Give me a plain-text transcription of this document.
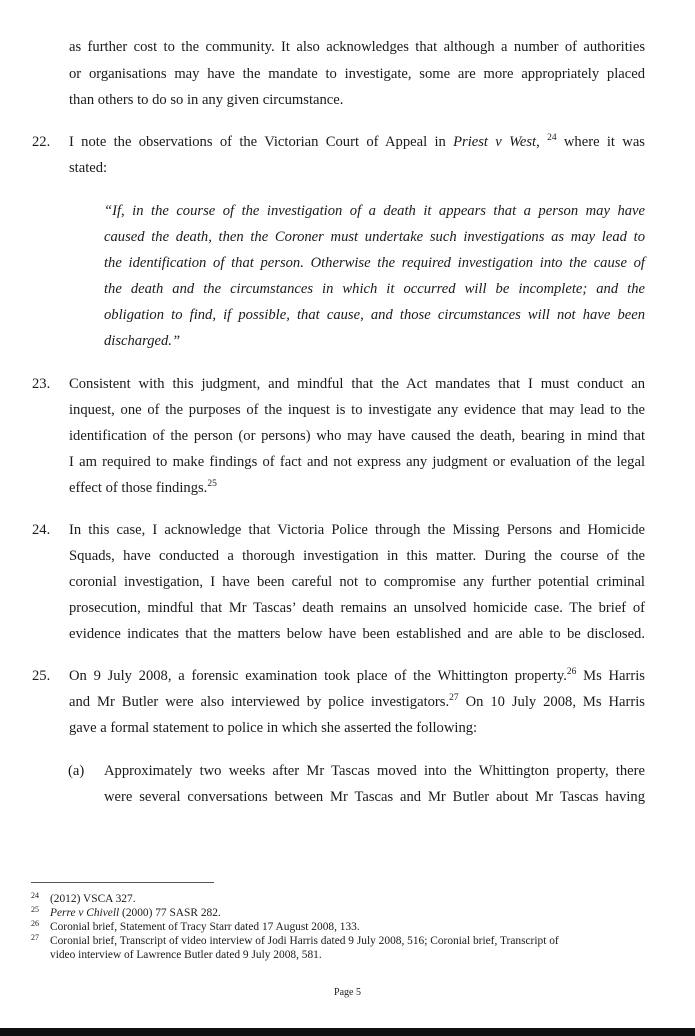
as further cost to the community. It also acknowledges that although a number of authorities
or organisations may have the mandate to investigate, some are more appropriately placed
than others to do so in any given circumstance.
22. I note the observations of the Victorian Court of Appeal in Priest v West, $^{24}$ where it was
stated:
“If, in the course of the investigation of a death it appears that a person may have
caused the death, then the Coroner must undertake such investigations as may lead to
the identification of that person. Otherwise the required investigation into the cause of
the death and the circumstances in which it occurred will be incomplete; and the
obligation to find, if possible, that cause, and those circumstances will not have been
discharged.”
23. Consistent with this judgment, and mindful that the Act mandates that I must conduct an
inquest, one of the purposes of the inquest is to investigate any evidence that may lead to the
identification of the person (or persons) who may have caused the death, bearing in mind that
I am required to make findings of fact and not express any judgment or evaluation of the legal
effect of those findings.$^{25}$
24. In this case, I acknowledge that Victoria Police through the Missing Persons and Homicide
Squads, have conducted a thorough investigation in this matter. During the course of the
coronial investigation, I have been careful not to compromise any further potential criminal
prosecution, mindful that Mr Tascas’ death remains an unsolved homicide case. The brief of
evidence indicates that the matters below have been established and are able to be disclosed.
25. On 9 July 2008, a forensic examination took place of the Whittington property.$^{26}$ Ms Harris
and Mr Butler were also interviewed by police investigators.$^{27}$ On 10 July 2008, Ms Harris
gave a formal statement to police in which she asserted the following:
(a) Approximately two weeks after Mr Tascas moved into the Whittington property, there
were several conversations between Mr Tascas and Mr Butler about Mr Tascas having
24 (2012) VSCA 327.
25 Perre v Chivell (2000) 77 SASR 282.
26 Coronial brief, Statement of Tracy Starr dated 17 August 2008, 133.
27 Coronial brief, Transcript of video interview of Jodi Harris dated 9 July 2008, 516; Coronial brief, Transcript of
video interview of Lawrence Butler dated 9 July 2008, 581.
Page 5
